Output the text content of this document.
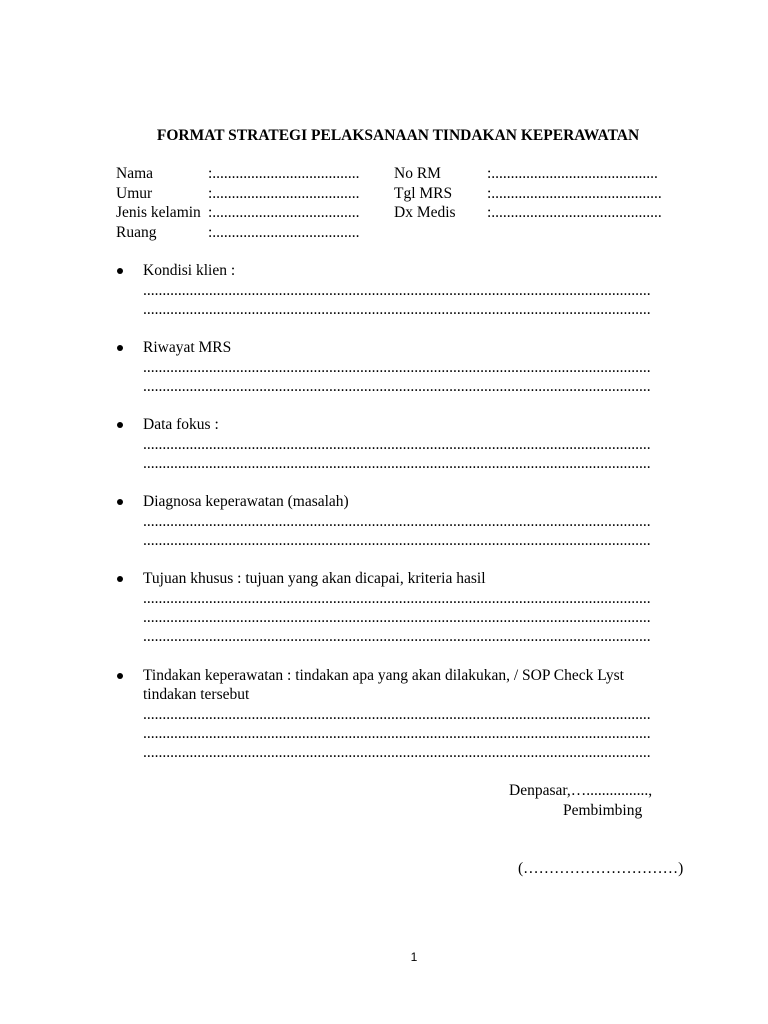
FORMAT STRATEGI PELAKSANAAN TINDAKAN KEPERAWATAN
Nama	:......................................
Umur	:......................................
Jenis kelamin :......................................
Ruang	:......................................
No RM	:...........................................
Tgl MRS :............................................
Dx Medis :............................................
Kondisi klien :
...................................................................................................................................
...................................................................................................................................
Riwayat MRS
...................................................................................................................................
...................................................................................................................................
Data fokus :
...................................................................................................................................
...................................................................................................................................
Diagnosa keperawatan (masalah)
...................................................................................................................................
...................................................................................................................................
Tujuan khusus : tujuan yang akan dicapai, kriteria hasil
...................................................................................................................................
...................................................................................................................................
...................................................................................................................................
Tindakan keperawatan : tindakan apa yang akan dilakukan, / SOP Check Lyst
tindakan tersebut
...................................................................................................................................
...................................................................................................................................
...................................................................................................................................
Denpasar,…................,
Pembimbing
(…………………………)
1
